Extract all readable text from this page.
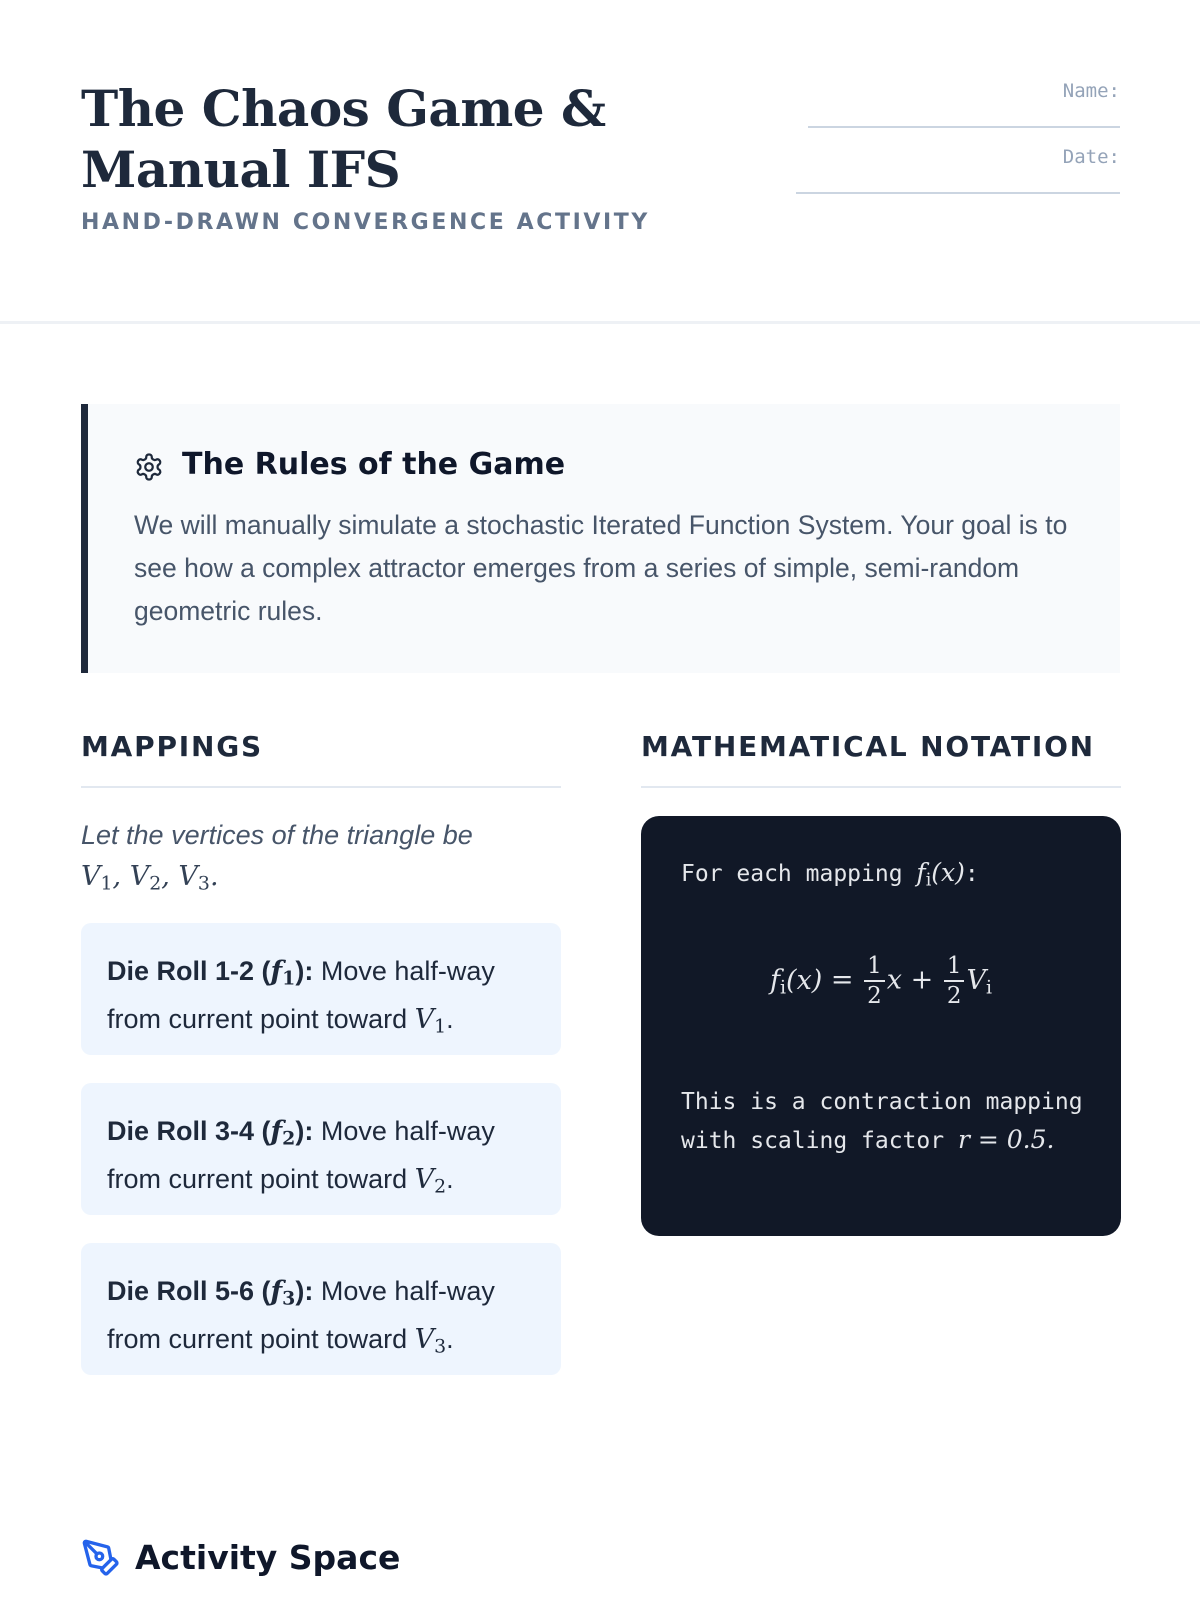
The Chaos Game & Manual IFS
HAND-DRAWN CONVERGENCE ACTIVITY
Name:
Date:
The Rules of the Game

We will manually simulate a stochastic Iterated Function System. Your goal is to see how a complex attractor emerges from a series of simple, semi-random geometric rules.

MAPPINGS	MATHEMATICAL NOTATION

Let the vertices of the triangle be
$V_1$, $V_2$, $V_3$.

Die Roll 1-2 $(f_1)$: Move half-way from current point toward $V_1$.

Die Roll 3-4 $(f_2)$: Move half-way from current point toward $V_2$.

Die Roll 5-6 $(f_3)$: Move half-way from current point toward $V_3$.

For each mapping $f_i(x)$:
$f_i(x) = \frac{1}{2}$ $x + \frac{1}{2} V_i$
This is a contraction mapping with scaling factor r = 0.5.
Activity Space
